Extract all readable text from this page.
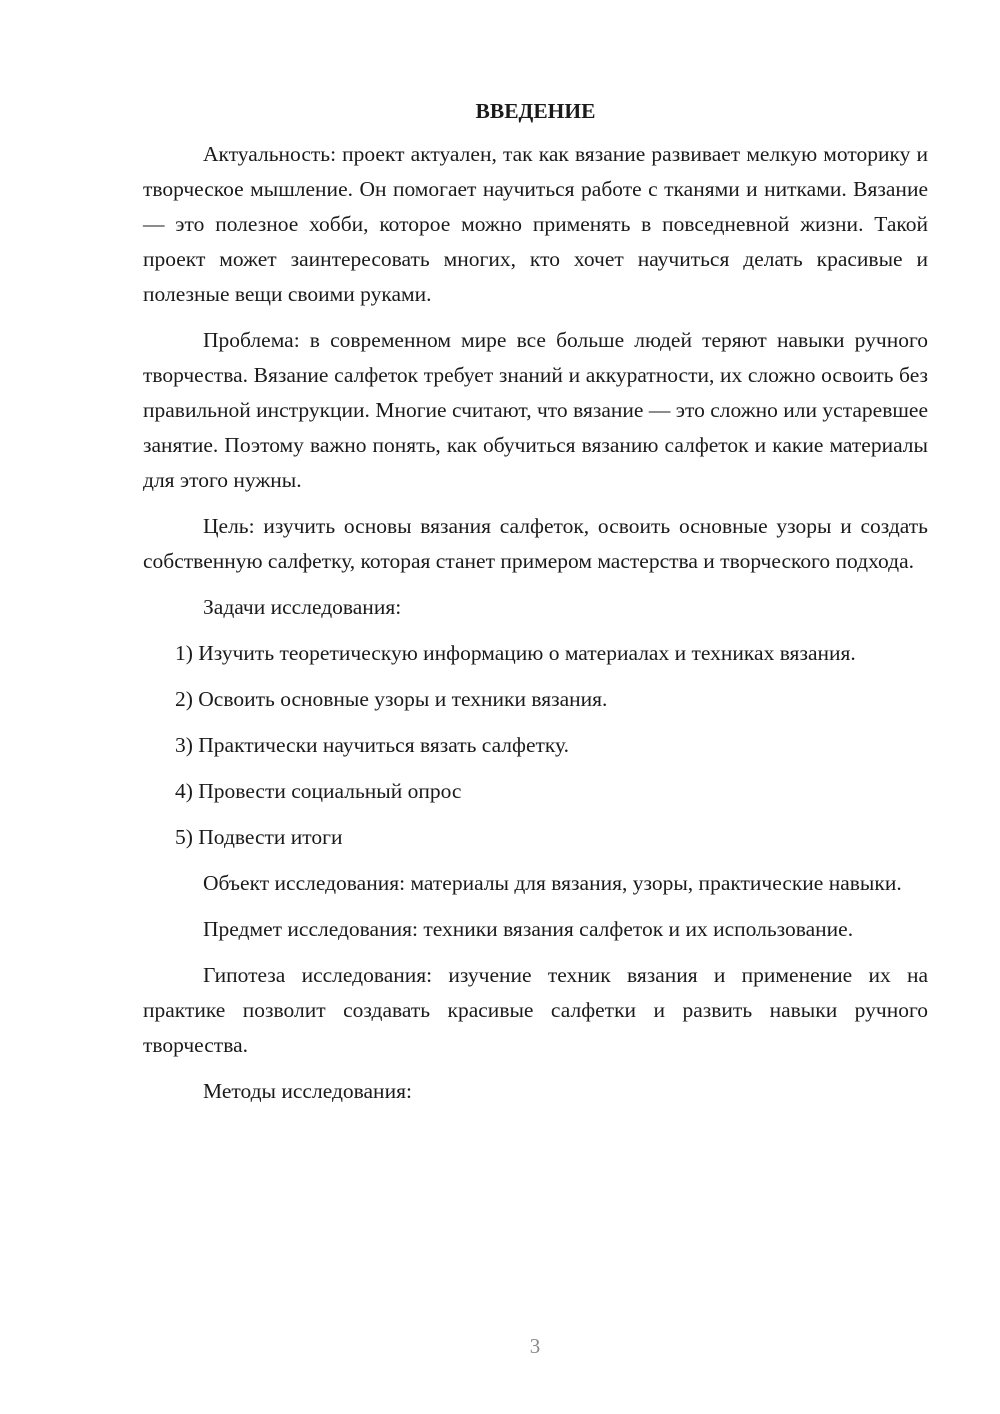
ВВЕДЕНИЕ
Актуальность: проект актуален, так как вязание развивает мелкую моторику и творческое мышление. Он помогает научиться работе с тканями и нитками. Вязание — это полезное хобби, которое можно применять в повседневной жизни. Такой проект может заинтересовать многих, кто хочет научиться делать красивые и полезные вещи своими руками.
Проблема: в современном мире все больше людей теряют навыки ручного творчества. Вязание салфеток требует знаний и аккуратности, их сложно освоить без правильной инструкции. Многие считают, что вязание — это сложно или устаревшее занятие. Поэтому важно понять, как обучиться вязанию салфеток и какие материалы для этого нужны.
Цель: изучить основы вязания салфеток, освоить основные узоры и создать собственную салфетку, которая станет примером мастерства и творческого подхода.
Задачи исследования:
1) Изучить теоретическую информацию о материалах и техниках вязания.
2) Освоить основные узоры и техники вязания.
3) Практически научиться вязать салфетку.
4) Провести социальный опрос
5) Подвести итоги
Объект исследования: материалы для вязания, узоры, практические навыки.
Предмет исследования: техники вязания салфеток и их использование.
Гипотеза исследования: изучение техник вязания и применение их на практике позволит создавать красивые салфетки и развить навыки ручного творчества.
Методы исследования:
3
